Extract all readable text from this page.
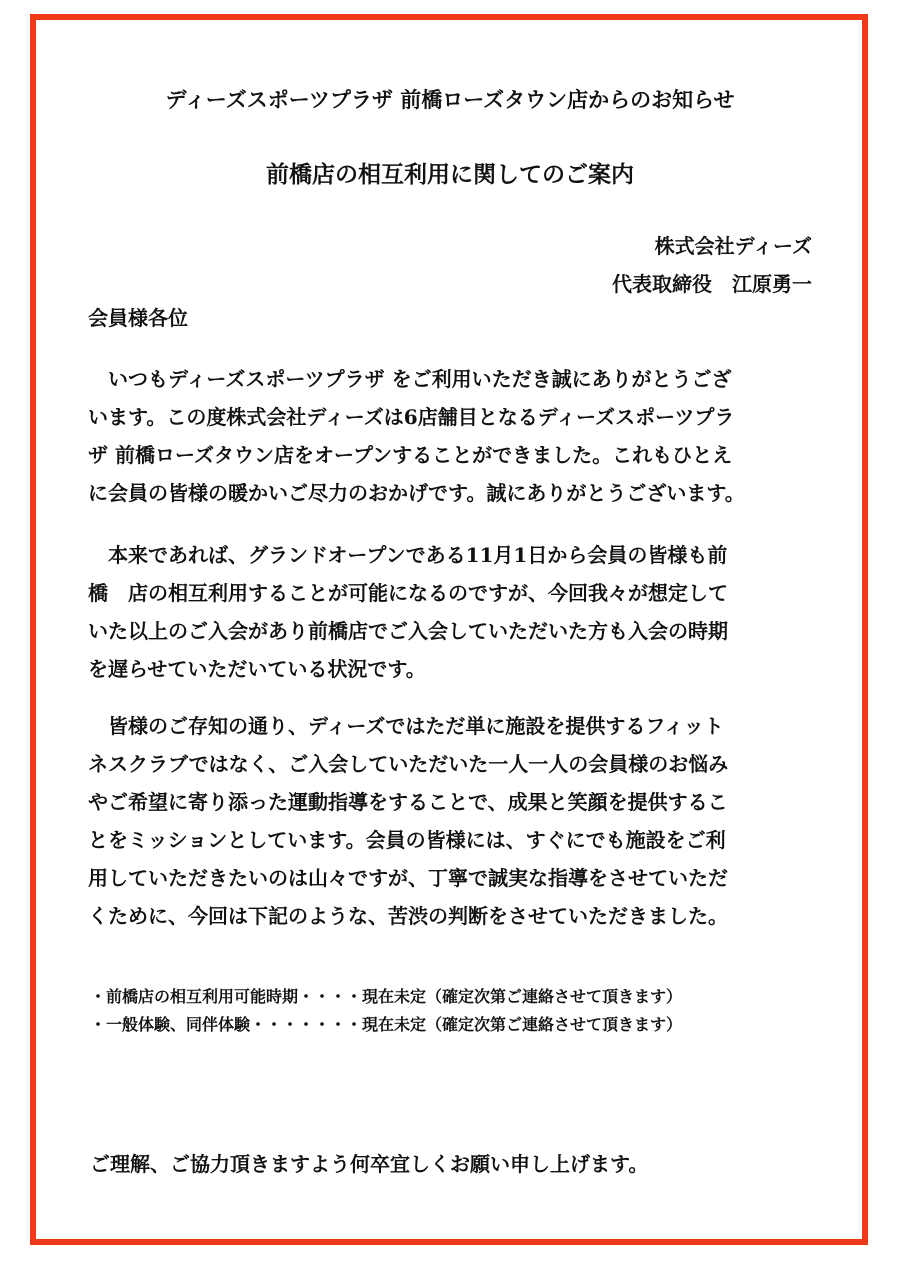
ディーズスポーツプラザ 前橋ローズタウン店からのお知らせ
前橋店の相互利用に関してのご案内
株式会社ディーズ
代表取締役　江原勇一
会員様各位
　いつもディーズスポーツプラザ をご利用いただき誠にありがとうござ
います。この度株式会社ディーズは6店舗目となるディーズスポーツプラ
ザ 前橋ローズタウン店をオープンすることができました。これもひとえ
に会員の皆様の暖かいご尽力のおかげです。誠にありがとうございます。
　本来であれば、グランドオープンである11月1日から会員の皆様も前
橋　店の相互利用することが可能になるのですが、今回我々が想定して
いた以上のご入会があり前橋店でご入会していただいた方も入会の時期
を遅らせていただいている状況です。
　皆様のご存知の通り、ディーズではただ単に施設を提供するフィット
ネスクラブではなく、ご入会していただいた一人一人の会員様のお悩み
やご希望に寄り添った運動指導をすることで、成果と笑顔を提供するこ
とをミッションとしています。会員の皆様には、すぐにでも施設をご利
用していただきたいのは山々ですが、丁寧で誠実な指導をさせていただ
くために、今回は下記のような、苦渋の判断をさせていただきました。
・前橋店の相互利用可能時期・・・・現在未定（確定次第ご連絡させて頂きます）
・一般体験、同伴体験・・・・・・・現在未定（確定次第ご連絡させて頂きます）
ご理解、ご協力頂きますよう何卒宜しくお願い申し上げます。
